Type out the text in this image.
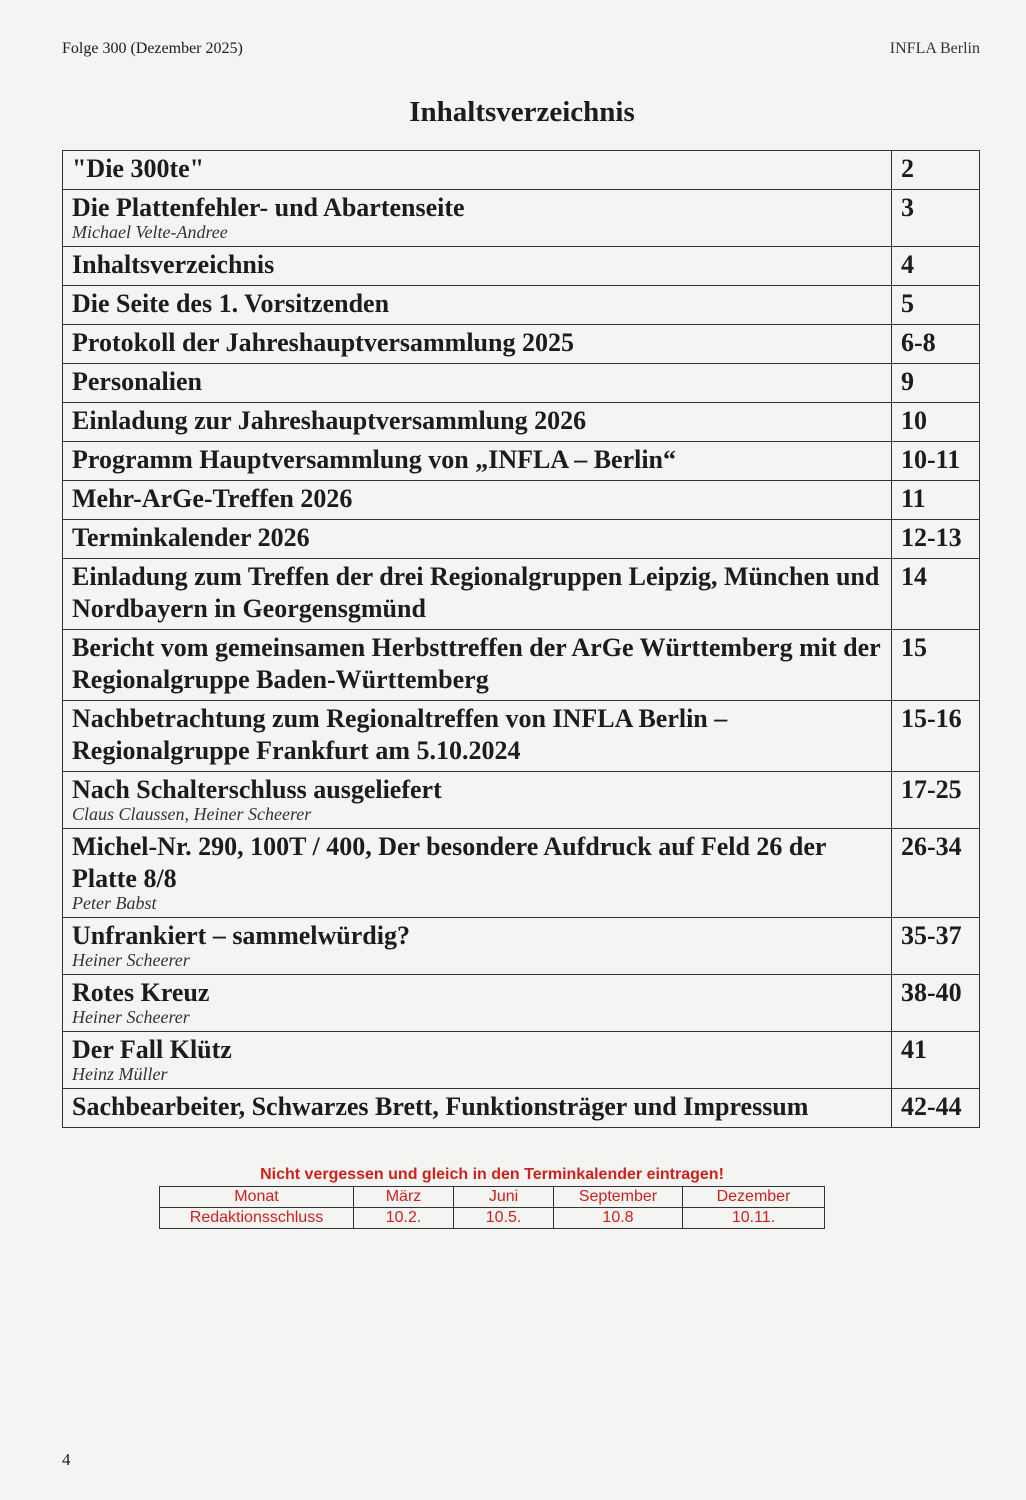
Folge 300 (Dezember 2025)	INFLA Berlin
Inhaltsverzeichnis
"Die 300te"	2

Die Plattenfehler- und Abartenseite
Michael Velte-Andree	3

Inhaltsverzeichnis	4

Die Seite des 1. Vorsitzenden	5

Protokoll der Jahreshauptversammlung 2025	6-8

Personalien	9

Einladung zur Jahreshauptversammlung 2026	10

Programm Hauptversammlung von „INFLA – Berlin“	10-11

Mehr-ArGe-Treffen 2026	11

Terminkalender 2026	12-13

Einladung zum Treffen der drei Regionalgruppen Leipzig, München und Nordbayern in Georgensgmünd	14

Bericht vom gemeinsamen Herbsttreffen der ArGe Württemberg mit der Regionalgruppe Baden-Württemberg	15

Nachbetrachtung zum Regionaltreffen von INFLA Berlin – Regionalgruppe Frankfurt am 5.10.2024	15-16

Nach Schalterschluss ausgeliefert
Claus Claussen, Heiner Scheerer	17-25

Michel-Nr. 290, 100T / 400, Der besondere Aufdruck auf Feld 26 der Platte 8/8
Peter Babst	26-34

Unfrankiert – sammelwürdig?
Heiner Scheerer	35-37

Rotes Kreuz
Heiner Scheerer	38-40

Der Fall Klütz
Heinz Müller	41

Sachbearbeiter, Schwarzes Brett, Funktionsträger und Impressum	42-44
Nicht vergessen und gleich in den Terminkalender eintragen!
Monat	März	Juni	September	Dezember
Redaktionsschluss	10.2.	10.5.	10.8	10.11.
4
